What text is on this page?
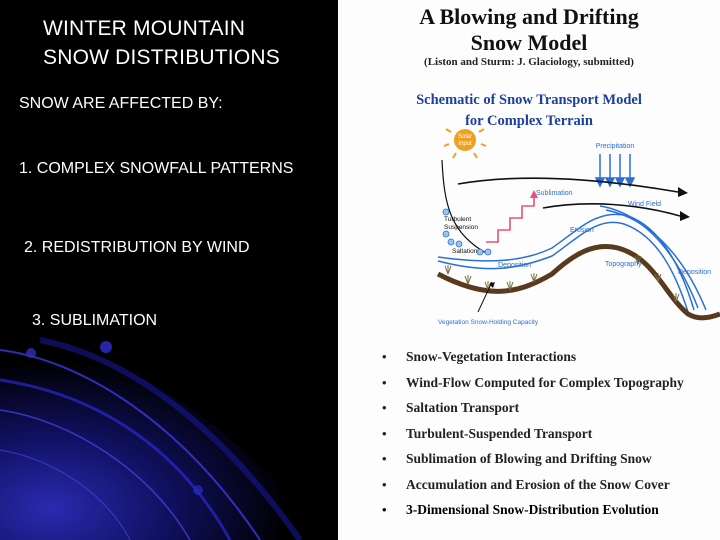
WINTER MOUNTAIN
SNOW DISTRIBUTIONS
SNOW ARE AFFECTED BY:
1. COMPLEX SNOWFALL PATTERNS
2. REDISTRIBUTION BY WIND
3. SUBLIMATION
A Blowing and Drifting
Snow Model
(Liston and Sturm: J. Glaciology, submitted)
Schematic of Snow Transport Model
for Complex Terrain
• Snow-Vegetation Interactions
• Wind-Flow Computed for Complex Topography
• Saltation Transport
• Turbulent-Suspended Transport
• Sublimation of Blowing and Drifting Snow
• Accumulation and Erosion of the Snow Cover
• 3-Dimensional Snow-Distribution Evolution
Solar
Input	Precipitation
Sublimation
Wind Field
Turbulent
Suspension
Saltation
Erosion
Deposition	Topography
Deposition
Vegetation Snow-Holding Capacity
